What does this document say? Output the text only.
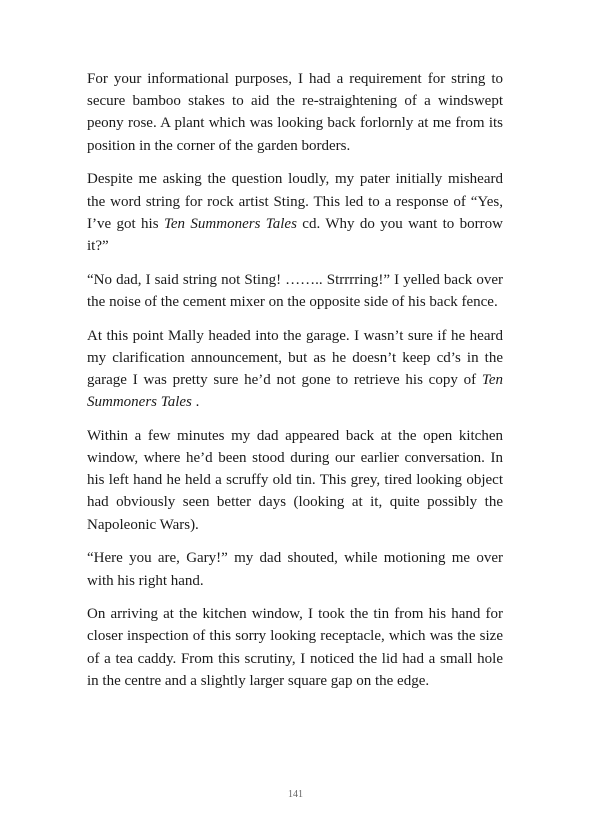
For your informational purposes, I had a requirement for string to secure bamboo stakes to aid the re-straightening of a windswept peony rose. A plant which was looking back forlornly at me from its position in the corner of the garden borders.

Despite me asking the question loudly, my pater initially misheard the word string for rock artist Sting. This led to a response of “Yes, I’ve got his Ten Summoners Tales cd. Why do you want to borrow it?”

“No dad, I said string not Sting! …….. Strrrring!” I yelled back over the noise of the cement mixer on the opposite side of his back fence.

At this point Mally headed into the garage. I wasn’t sure if he heard my clarification announcement, but as he doesn’t keep cd’s in the garage I was pretty sure he’d not gone to retrieve his copy of Ten Summoners Tales .

Within a few minutes my dad appeared back at the open kitchen window, where he’d been stood during our earlier conversation. In his left hand he held a scruffy old tin. This grey, tired looking object had obviously seen better days (looking at it, quite possibly the Napoleonic Wars).

“Here you are, Gary!” my dad shouted, while motioning me over with his right hand.

On arriving at the kitchen window, I took the tin from his hand for closer inspection of this sorry looking receptacle, which was the size of a tea caddy. From this scrutiny, I noticed the lid had a small hole in the centre and a slightly larger square gap on the edge.

141
